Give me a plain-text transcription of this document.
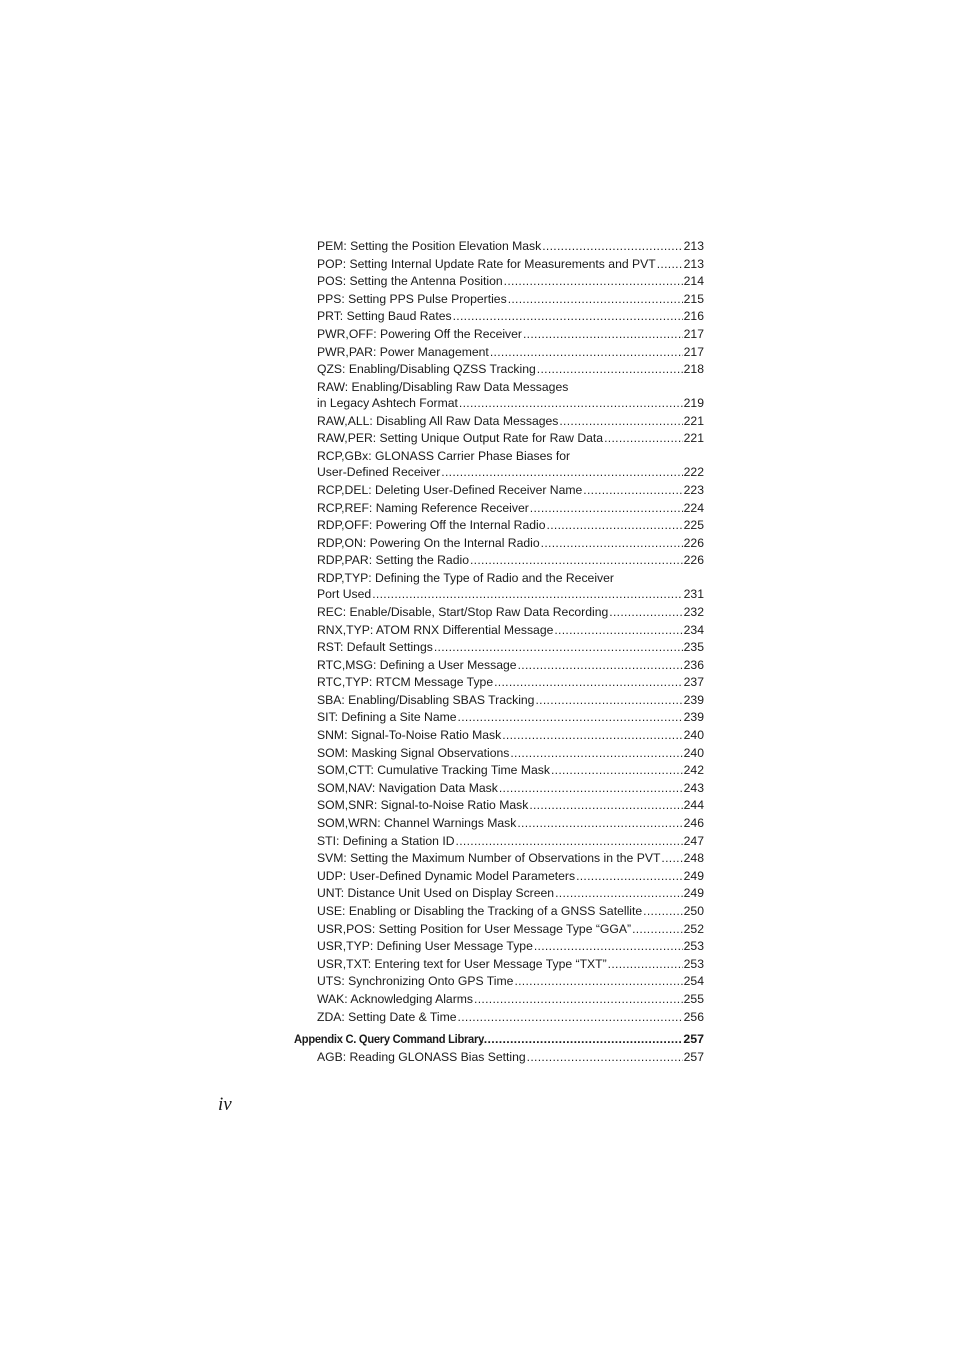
PEM: Setting the Position Elevation Mask .....	213
POP: Setting Internal Update Rate for Measurements and PVT ..... 213
POS: Setting the Antenna Position .....	214
PPS: Setting PPS Pulse Properties .....	215
PRT: Setting Baud Rates .....	216
PWR,OFF: Powering Off the Receiver .....	217
PWR,PAR: Power Management .....	217
QZS: Enabling/Disabling QZSS Tracking .....	218
RAW: Enabling/Disabling Raw Data Messages
in Legacy Ashtech Format .....	219
RAW,ALL: Disabling All Raw Data Messages .....	221
RAW,PER: Setting Unique Output Rate for Raw Data .....	221
RCP,GBx: GLONASS Carrier Phase Biases for
User-Defined Receiver .....	222
RCP,DEL: Deleting User-Defined Receiver Name .....	223
RCP,REF: Naming Reference Receiver .....	224
RDP,OFF: Powering Off the Internal Radio .....	225
RDP,ON: Powering On the Internal Radio .....	226
RDP,PAR: Setting the Radio .....	226
RDP,TYP: Defining the Type of Radio and the Receiver
Port Used .....	231
REC: Enable/Disable, Start/Stop Raw Data Recording .....	232
RNX,TYP: ATOM RNX Differential Message .....	234
RST: Default Settings .....	235
RTC,MSG: Defining a User Message .....	236
RTC,TYP: RTCM Message Type .....	237
SBA: Enabling/Disabling SBAS Tracking .....	239
SIT: Defining a Site Name .....	239
SNM: Signal-To-Noise Ratio Mask .....	240
SOM: Masking Signal Observations .....	240
SOM,CTT: Cumulative Tracking Time Mask .....	242
SOM,NAV: Navigation Data Mask .....	243
SOM,SNR: Signal-to-Noise Ratio Mask .....	244
SOM,WRN: Channel Warnings Mask .....	246
STI: Defining a Station ID .....	247
SVM: Setting the Maximum Number of Observations in the PVT ..... 248
UDP: User-Defined Dynamic Model Parameters .....	249
UNT: Distance Unit Used on Display Screen .....	249
USE: Enabling or Disabling the Tracking of a GNSS Satellite .....	250
USR,POS: Setting Position for User Message Type “GGA” .....	252
USR,TYP: Defining User Message Type .....	253
USR,TXT: Entering text for User Message Type “TXT” .....	253
UTS: Synchronizing Onto GPS Time .....	254
WAK: Acknowledging Alarms .....	255
ZDA: Setting Date & Time .....	256
Appendix C. Query Command Library .....	257
AGB: Reading GLONASS Bias Setting .....	257
iv
